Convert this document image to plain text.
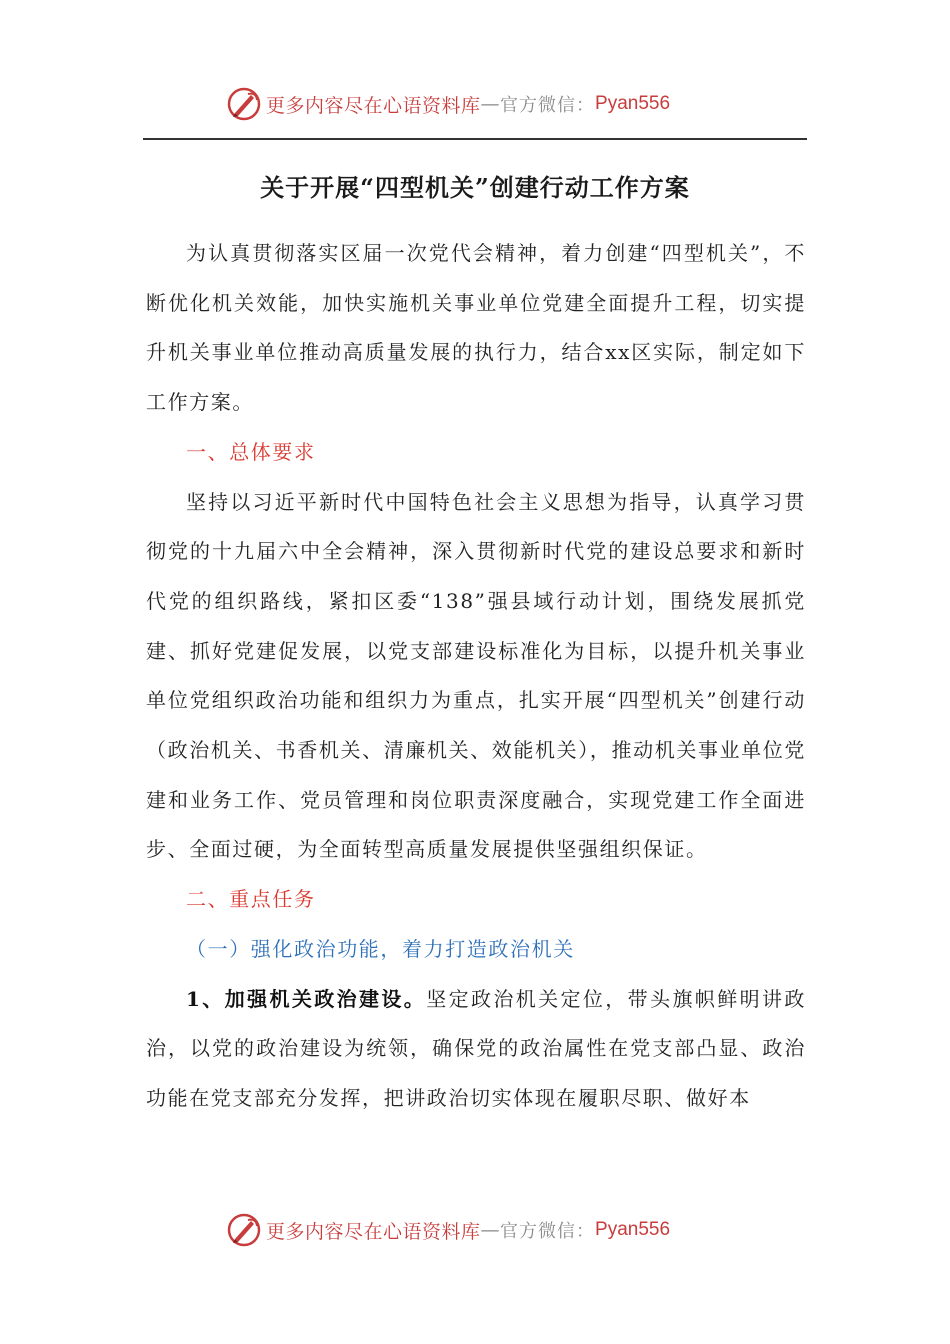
更多内容尽在心语资料库 — 官方微信： Pyan556
关于开展“四型机关”创建行动工作方案

为认真贯彻落实区届一次党代会精神，着力创建“四型机关”，不断优化机关效能，加快实施机关事业单位党建全面提升工程，切实提升机关事业单位推动高质量发展的执行力，结合xx区实际，制定如下工作方案。

一、总体要求

坚持以习近平新时代中国特色社会主义思想为指导，认真学习贯彻党的十九届六中全会精神，深入贯彻新时代党的建设总要求和新时代党的组织路线，紧扣区委“138”强县域行动计划，围绕发展抓党建、抓好党建促发展，以党支部建设标准化为目标，以提升机关事业单位党组织政治功能和组织力为重点，扎实开展“四型机关”创建行动（政治机关、书香机关、清廉机关、效能机关），推动机关事业单位党建和业务工作、党员管理和岗位职责深度融合，实现党建工作全面进步、全面过硬，为全面转型高质量发展提供坚强组织保证。

二、重点任务

（一）强化政治功能，着力打造政治机关

1、加强机关政治建设。坚定政治机关定位，带头旗帜鲜明讲政治，以党的政治建设为统领，确保党的政治属性在党支部凸显、政治功能在党支部充分发挥，把讲政治切实体现在履职尽职、做好本

更多内容尽在心语资料库 — 官方微信： Pyan556
